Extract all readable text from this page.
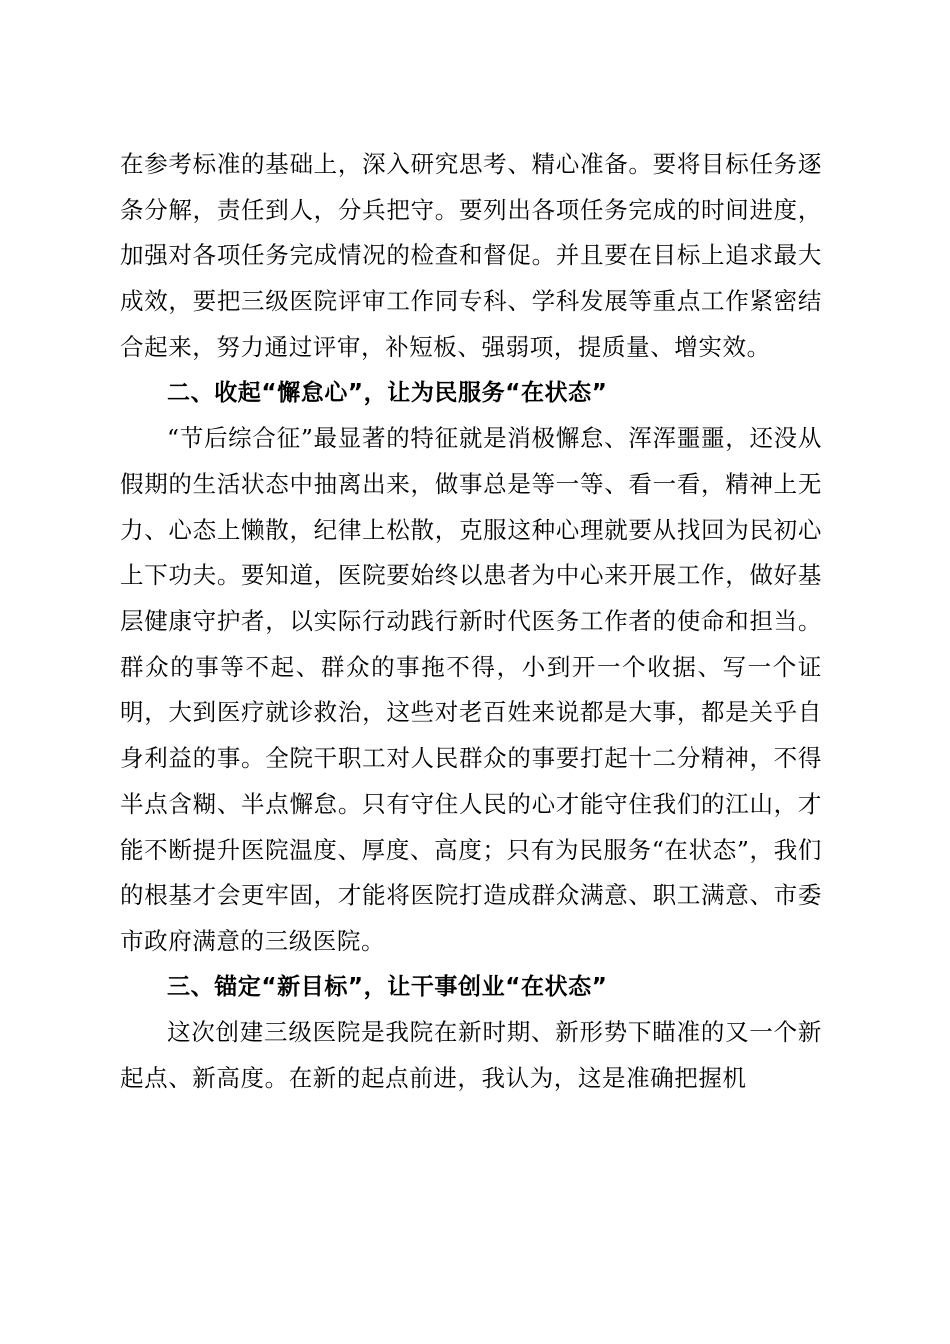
在参考标准的基础上，深入研究思考、精心准备。要将目标任务逐条分解，责任到人，分兵把守。要列出各项任务完成的时间进度，加强对各项任务完成情况的检查和督促。并且要在目标上追求最大成效，要把三级医院评审工作同专科、学科发展等重点工作紧密结合起来，努力通过评审，补短板、强弱项，提质量、增实效。

二、收起“懈怠心”，让为民服务“在状态”

“节后综合征”最显著的特征就是消极懈怠、浑浑噩噩，还没从假期的生活状态中抽离出来，做事总是等一等、看一看，精神上无力、心态上懒散，纪律上松散，克服这种心理就要从找回为民初心上下功夫。要知道，医院要始终以患者为中心来开展工作，做好基层健康守护者，以实际行动践行新时代医务工作者的使命和担当。群众的事等不起、群众的事拖不得，小到开一个收据、写一个证明，大到医疗就诊救治，这些对老百姓来说都是大事，都是关乎自身利益的事。全院干职工对人民群众的事要打起十二分精神，不得半点含糊、半点懈怠。只有守住人民的心才能守住我们的江山，才能不断提升医院温度、厚度、高度；只有为民服务“在状态”，我们的根基才会更牢固，才能将医院打造成群众满意、职工满意、市委市政府满意的三级医院。

三、锚定“新目标”，让干事创业“在状态”

这次创建三级医院是我院在新时期、新形势下瞄准的又一个新起点、新高度。在新的起点前进，我认为，这是准确把握机
